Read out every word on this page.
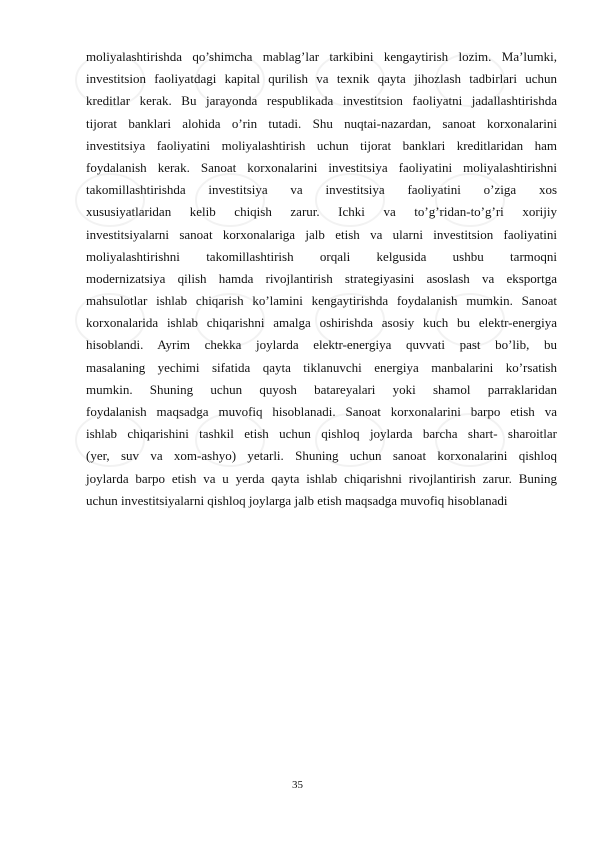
moliyalashtirishda qo’shimcha mablag’lar tarkibini kengaytirish lozim. Ma’lumki,
investitsion faoliyatdagi kapital qurilish va texnik qayta jihozlash tadbirlari uchun
kreditlar kerak. Bu jarayonda respublikada investitsion faoliyatni jadallashtirishda
tijorat banklari alohida o’rin tutadi. Shu nuqtai-nazardan, sanoat korxonalarini
investitsiya faoliyatini moliyalashtirish uchun tijorat banklari kreditlaridan ham
foydalanish kerak. Sanoat korxonalarini investitsiya faoliyatini moliyalashtirishni
takomillashtirishda investitsiya va investitsiya faoliyatini o’ziga xos
xususiyatlaridan kelib chiqish zarur. Ichki va to’g’ridan-to’g’ri xorijiy
investitsiyalarni sanoat korxonalariga jalb etish va ularni investitsion faoliyatini
moliyalashtirishni takomillashtirish orqali kelgusida ushbu tarmoqni
modernizatsiya qilish hamda rivojlantirish strategiyasini asoslash va eksportga
mahsulotlar ishlab chiqarish ko’lamini kengaytirishda foydalanish mumkin. Sanoat
korxonalarida ishlab chiqarishni amalga oshirishda asosiy kuch bu elektr-energiya
hisoblandi. Ayrim chekka joylarda elektr-energiya quvvati past bo’lib, bu
masalaning yechimi sifatida qayta tiklanuvchi energiya manbalarini ko’rsatish
mumkin. Shuning uchun quyosh batareyalari yoki shamol parraklaridan
foydalanish maqsadga muvofiq hisoblanadi. Sanoat korxonalarini barpo etish va
ishlab chiqarishini tashkil etish uchun qishloq joylarda barcha shart- sharoitlar
(yer, suv va xom-ashyo) yetarli. Shuning uchun sanoat korxonalarini qishloq
joylarda barpo etish va u yerda qayta ishlab chiqarishni rivojlantirish zarur. Buning
uchun investitsiyalarni qishloq joylarga jalb etish maqsadga muvofiq hisoblanadi
35
